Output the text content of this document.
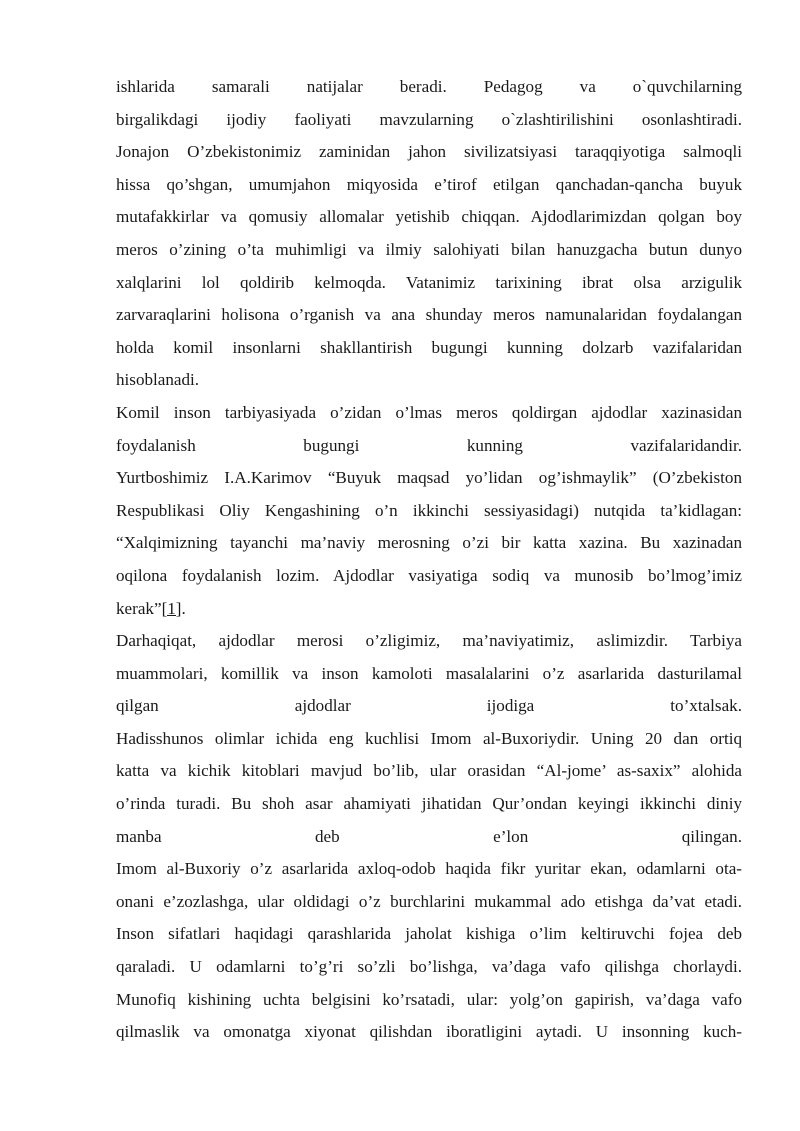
ishlarida samarali natijalar beradi. Pedagog va o`quvchilarning
birgalikdagi ijodiy faoliyati mavzularning o`zlashtirilishini osonlashtiradi.
Jonajon O’zbekistonimiz zaminidan jahon sivilizatsiyasi taraqqiyotiga salmoqli
hissa qo’shgan, umumjahon miqyosida e’tirof etilgan qanchadan-qancha buyuk
mutafakkirlar va qomusiy allomalar yetishib chiqqan. Ajdodlarimizdan qolgan boy
meros o’zining o’ta muhimligi va ilmiy salohiyati bilan hanuzgacha butun dunyo
xalqlarini lol qoldirib kelmoqda. Vatanimiz tarixining ibrat olsa arzigulik
zarvaraqlarini holisona o’rganish va ana shunday meros namunalaridan foydalangan
holda komil insonlarni shakllantirish bugungi kunning dolzarb vazifalaridan
hisoblanadi.
Komil inson tarbiyasiyada o’zidan o’lmas meros qoldirgan ajdodlar xazinasidan
foydalanish bugungi kunning vazifalaridandir.
Yurtboshimiz I.A.Karimov “Buyuk maqsad yo’lidan og’ishmaylik” (O’zbekiston
Respublikasi Oliy Kengashining o’n ikkinchi sessiyasidagi) nutqida ta’kidlagan:
“Xalqimizning tayanchi ma’naviy merosning o’zi bir katta xazina. Bu xazinadan
oqilona foydalanish lozim. Ajdodlar vasiyatiga sodiq va munosib bo’lmog’imiz
kerak”[1].
Darhaqiqat, ajdodlar merosi o’zligimiz, ma’naviyatimiz, aslimizdir. Tarbiya
muammolari, komillik va inson kamoloti masalalarini o’z asarlarida dasturilamal
qilgan ajdodlar ijodiga to’xtalsak.
Hadisshunos olimlar ichida eng kuchlisi Imom al-Buxoriydir. Uning 20 dan ortiq
katta va kichik kitoblari mavjud bo’lib, ular orasidan “Al-jome’ as-saxix” alohida
o’rinda turadi. Bu shoh asar ahamiyati jihatidan Qur’ondan keyingi ikkinchi diniy
manba deb e’lon qilingan.
Imom al-Buxoriy o’z asarlarida axloq-odob haqida fikr yuritar ekan, odamlarni ota-
onani e’zozlashga, ular oldidagi o’z burchlarini mukammal ado etishga da’vat etadi.
Inson sifatlari haqidagi qarashlarida jaholat kishiga o’lim keltiruvchi fojea deb
qaraladi. U odamlarni to’g’ri so’zli bo’lishga, va’daga vafo qilishga chorlaydi.
Munofiq kishining uchta belgisini ko’rsatadi, ular: yolg’on gapirish, va’daga vafo
qilmaslik va omonatga xiyonat qilishdan iboratligini aytadi. U insonning kuch-
